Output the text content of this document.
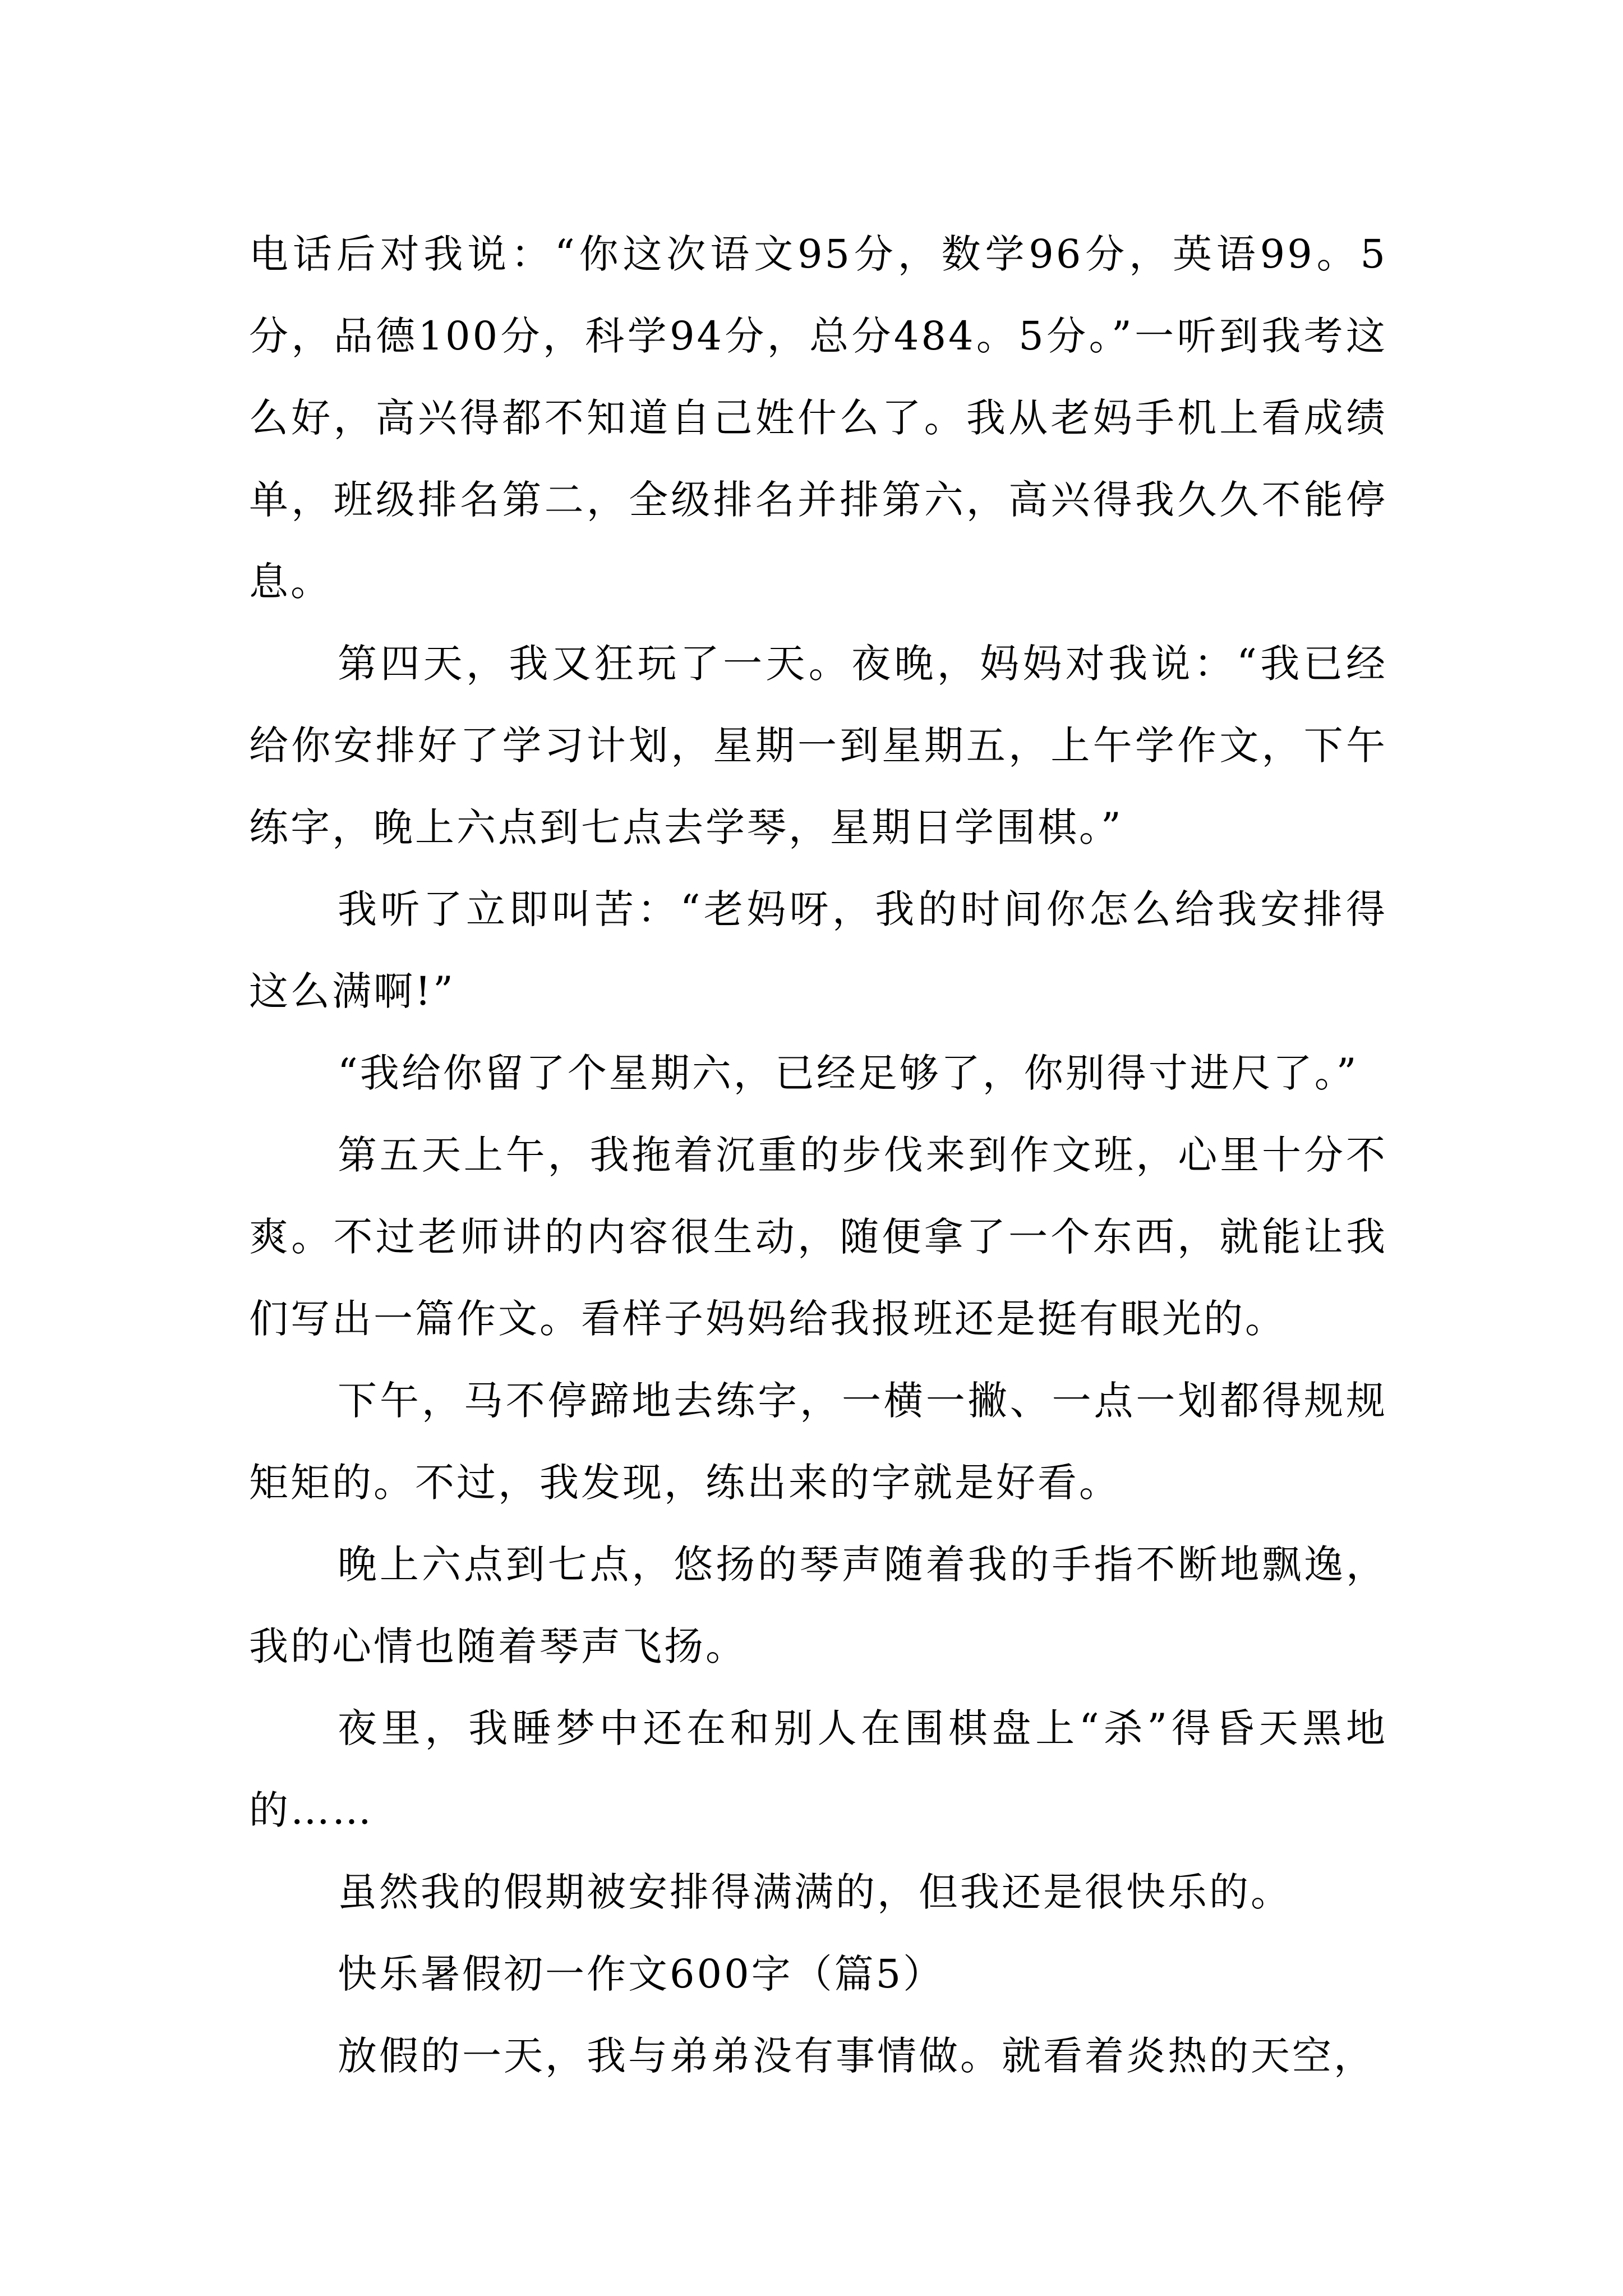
电话后对我说：“你这次语文95分，数学96分，英语99。5分，品德100分，科学94分，总分484。5分。”一听到我考这么好，高兴得都不知道自己姓什么了。我从老妈手机上看成绩单，班级排名第二，全级排名并排第六，高兴得我久久不能停息。

第四天，我又狂玩了一天。夜晚，妈妈对我说：“我已经给你安排好了学习计划，星期一到星期五，上午学作文，下午练字，晚上六点到七点去学琴，星期日学围棋。”

我听了立即叫苦：“老妈呀，我的时间你怎么给我安排得这么满啊!”

“我给你留了个星期六，已经足够了，你别得寸进尺了。”

第五天上午，我拖着沉重的步伐来到作文班，心里十分不爽。不过老师讲的内容很生动，随便拿了一个东西，就能让我们写出一篇作文。看样子妈妈给我报班还是挺有眼光的。

下午，马不停蹄地去练字，一横一撇、一点一划都得规规矩矩的。不过，我发现，练出来的字就是好看。

晚上六点到七点，悠扬的琴声随着我的手指不断地飘逸，我的心情也随着琴声飞扬。

夜里，我睡梦中还在和别人在围棋盘上“杀”得昏天黑地的……

虽然我的假期被安排得满满的，但我还是很快乐的。

快乐暑假初一作文600字（篇5）

放假的一天，我与弟弟没有事情做。就看着炎热的天空，
